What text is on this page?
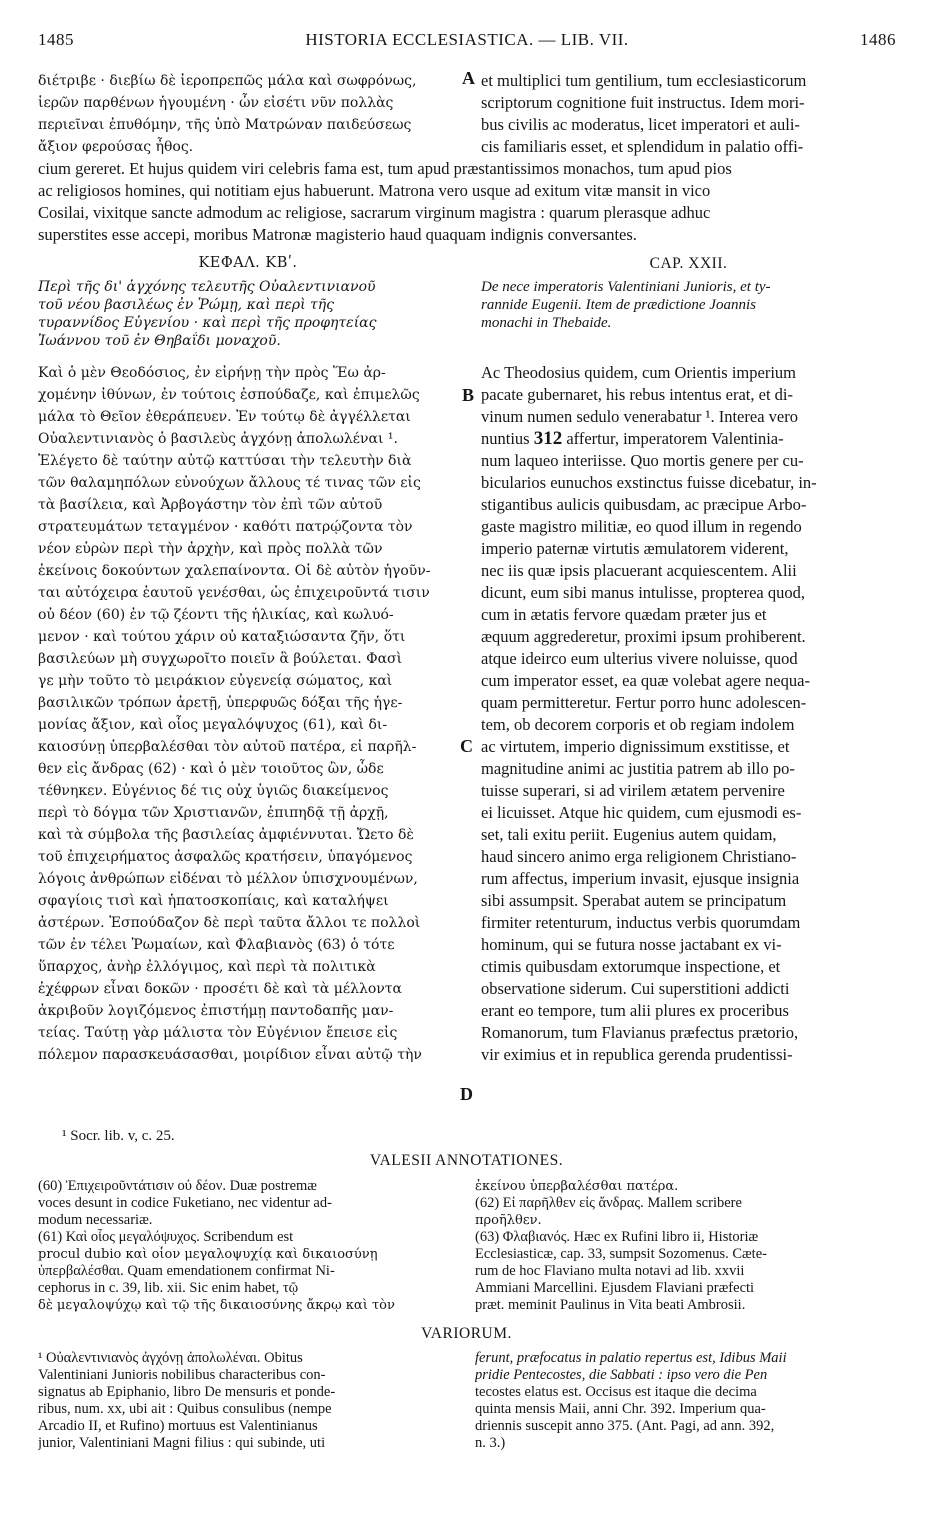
1485	HISTORIA ECCLESIASTICA. — LIB. VII.	1486
διέτριβε · διεβίω δὲ ἱεροπρεπῶς μάλα καὶ σωφρόνως,
ἱερῶν παρθένων ἡγουμένη · ὧν εἰσέτι νῦν πολλὰς
περιεῖναι ἐπυθόμην, τῆς ὑπὸ Ματρώναν παιδεύσεως
ἄξιον φερούσας ἦθος.
A et multiplici tum gentilium, tum ecclesiasticorum
scriptorum cognitione fuit instructus. Idem mori-
bus civilis ac moderatus, licet imperatori et auli-
cis familiaris esset, et splendidum in palatio offi-
cium gereret. Et hujus quidem viri celebris fama est, tum apud præstantissimos monachos, tum apud pios
ac religiosos homines, qui notitiam ejus habuerunt. Matrona vero usque ad exitum vitæ mansit in vico
Cosilai, vixitque sancte admodum ac religiose, sacrarum virginum magistra : quarum plerasque adhuc
superstites esse accepi, moribus Matronæ magisterio haud quaquam indignis conversantes.
ΚΕΦΑΛ. ΚΒʹ.	CAP. XXII.
Περὶ τῆς δι' ἀγχόνης τελευτῆς Οὐαλεντινιανοῦ
τοῦ νέου βασιλέως ἐν Ῥώμῃ, καὶ περὶ τῆς
τυραννίδος Εὐγενίου · καὶ περὶ τῆς προφητείας
Ἰωάννου τοῦ ἐν Θηβαΐδι μοναχοῦ.
De nece imperatoris Valentiniani Junioris, et ty-
rannide Eugenii. Item de prædictione Joannis
monachi in Thebaide.
Καὶ ὁ μὲν Θεοδόσιος, ἐν εἰρήνῃ τὴν πρὸς Ἕω ἀρ-
χομένην ἰθύνων, ἐν τούτοις ἐσπούδαζε, καὶ ἐπιμελῶς
μάλα τὸ Θεῖον ἐθεράπευεν. Ἐν τούτῳ δὲ ἀγγέλλεται
Οὐαλεντινιανὸς ὁ βασιλεὺς ἀγχόνῃ ἀπολωλέναι ¹.
Ἐλέγετο δὲ ταύτην αὐτῷ καττύσαι τὴν τελευτὴν διὰ
τῶν θαλαμηπόλων εὐνούχων ἄλλους τέ τινας τῶν εἰς
τὰ βασίλεια, καὶ Ἀρβογάστην τὸν ἐπὶ τῶν αὐτοῦ
στρατευμάτων τεταγμένον · καθότι πατρῴζοντα τὸν
νέον εὑρὼν περὶ τὴν ἀρχὴν, καὶ πρὸς πολλὰ τῶν
ἐκείνοις δοκούντων χαλεπαίνοντα. Οἱ δὲ αὐτὸν ἡγοῦν-
ται αὐτόχειρα ἑαυτοῦ γενέσθαι, ὡς ἐπιχειροῦντά τισιν
οὐ δέον (60) ἐν τῷ ζέοντι τῆς ἡλικίας, καὶ κωλυό-
μενον · καὶ τούτου χάριν οὐ καταξιώσαντα ζῆν, ὅτι
βασιλεύων μὴ συγχωροῖτο ποιεῖν ἃ βούλεται. Φασὶ
γε μὴν τοῦτο τὸ μειράκιον εὐγενείᾳ σώματος, καὶ
βασιλικῶν τρόπων ἀρετῇ, ὑπερφυῶς δόξαι τῆς ἡγε-
μονίας ἄξιον, καὶ οἷος μεγαλόψυχος (61), καὶ δι-
καιοσύνῃ ὑπερβαλέσθαι τὸν αὐτοῦ πατέρα, εἰ παρῆλ-
θεν εἰς ἄνδρας (62) · καὶ ὁ μὲν τοιοῦτος ὢν, ὧδε
τέθνηκεν. Εὐγένιος δέ τις οὐχ ὑγιῶς διακείμενος
περὶ τὸ δόγμα τῶν Χριστιανῶν, ἐπιπηδᾷ τῇ ἀρχῇ,
καὶ τὰ σύμβολα τῆς βασιλείας ἀμφιέννυται. Ὤετο δὲ
τοῦ ἐπιχειρήματος ἀσφαλῶς κρατήσειν, ὑπαγόμενος
λόγοις ἀνθρώπων εἰδέναι τὸ μέλλον ὑπισχνουμένων,
σφαγίοις τισὶ καὶ ἡπατοσκοπίαις, καὶ καταλήψει
ἀστέρων. Ἐσπούδαζον δὲ περὶ ταῦτα ἄλλοι τε πολλοὶ
τῶν ἐν τέλει Ῥωμαίων, καὶ Φλαβιανὸς (63) ὁ τότε
ὕπαρχος, ἀνὴρ ἐλλόγιμος, καὶ περὶ τὰ πολιτικὰ
ἐχέφρων εἶναι δοκῶν · προσέτι δὲ καὶ τὰ μέλλοντα
ἀκριβοῦν λογιζόμενος ἐπιστήμῃ παντοδαπῆς μαν-
τείας. Ταύτῃ γὰρ μάλιστα τὸν Εὐγένιον ἔπεισε εἰς
πόλεμον παρασκευάσασθαι, μοιρίδιον εἶναι αὐτῷ τὴν
B
C
D
Ac Theodosius quidem, cum Orientis imperium
pacate gubernaret, his rebus intentus erat, et di-
vinum numen sedulo venerabatur ¹. Interea vero
nuntius 312 affertur, imperatorem Valentinia-
num laqueo interiisse. Quo mortis genere per cu-
bicularios eunuchos exstinctus fuisse dicebatur, in-
stigantibus aulicis quibusdam, ac præcipue Arbo-
gaste magistro militiæ, eo quod illum in regendo
imperio paternæ virtutis æmulatorem viderent,
nec iis quæ ipsis placuerant acquiescentem. Alii
dicunt, eum sibi manus intulisse, propterea quod,
cum in ætatis fervore quædam præter jus et
æquum aggrederetur, proximi ipsum prohiberent.
atque ideirco eum ulterius vivere noluisse, quod
cum imperator esset, ea quæ volebat agere nequa-
quam permitteretur. Fertur porro hunc adolescen-
tem, ob decorem corporis et ob regiam indolem
ac virtutem, imperio dignissimum exstitisse, et
magnitudine animi ac justitia patrem ab illo po-
tuisse superari, si ad virilem ætatem pervenire
ei licuisset. Atque hic quidem, cum ejusmodi es-
set, tali exitu periit. Eugenius autem quidam,
haud sincero animo erga religionem Christiano-
rum affectus, imperium invasit, ejusque insignia
sibi assumpsit. Sperabat autem se principatum
firmiter retenturum, inductus verbis quorumdam
hominum, qui se futura nosse jactabant ex vi-
ctimis quibusdam extorumque inspectione, et
observatione siderum. Cui superstitioni addicti
erant eo tempore, tum alii plures ex proceribus
Romanorum, tum Flavianus præfectus prætorio,
vir eximius et in republica gerenda prudentissi-
¹ Socr. lib. v, c. 25.
VALESII ANNOTATIONES.
(60) Ἐπιχειροῦντάτισιν οὐ δέον. Duæ postremæ
voces desunt in codice Fuketiano, nec videntur ad-
modum necessariæ.
(61) Καὶ οἷος μεγαλόψυχος. Scribendum est
procul dubio καὶ οἷον μεγαλοψυχίᾳ καὶ δικαιοσύνῃ
ὑπερβαλέσθαι. Quam emendationem confirmat Ni-
cephorus in c. 39, lib. xii. Sic enim habet, τῷ
δὲ μεγαλοψύχῳ καὶ τῷ τῆς δικαιοσύνης ἄκρῳ καὶ τὸν
ἐκείνου ὑπερβαλέσθαι πατέρα.
(62) Εἰ παρῆλθεν εἰς ἄνδρας. Mallem scribere
προῆλθεν.
(63) Φλαβιανός. Hæc ex Rufini libro ii, Historiæ
Ecclesiasticæ, cap. 33, sumpsit Sozomenus. Cæte-
rum de hoc Flaviano multa notavi ad lib. xxvii
Ammiani Marcellini. Ejusdem Flaviani præfecti
præt. meminit Paulinus in Vita beati Ambrosii.
VARIORUM.
¹ Οὐαλεντινιανὸς ἀγχόνῃ ἀπολωλέναι. Obitus
Valentiniani Junioris nobilibus characteribus con-
signatus ab Epiphanio, libro De mensuris et ponde-
ribus, num. xx, ubi ait : Quibus consulibus (nempe
Arcadio II, et Rufino) mortuus est Valentinianus
junior, Valentiniani Magni filius : qui subinde, uti
ferunt, præfocatus in palatio repertus est, Idibus Maii
pridie Pentecostes, die Sabbati : ipso vero die Pen
tecostes elatus est. Occisus est itaque die decima
quinta mensis Maii, anni Chr. 392. Imperium qua-
driennis suscepit anno 375. (Ant. Pagi, ad ann. 392,
n. 3.)
